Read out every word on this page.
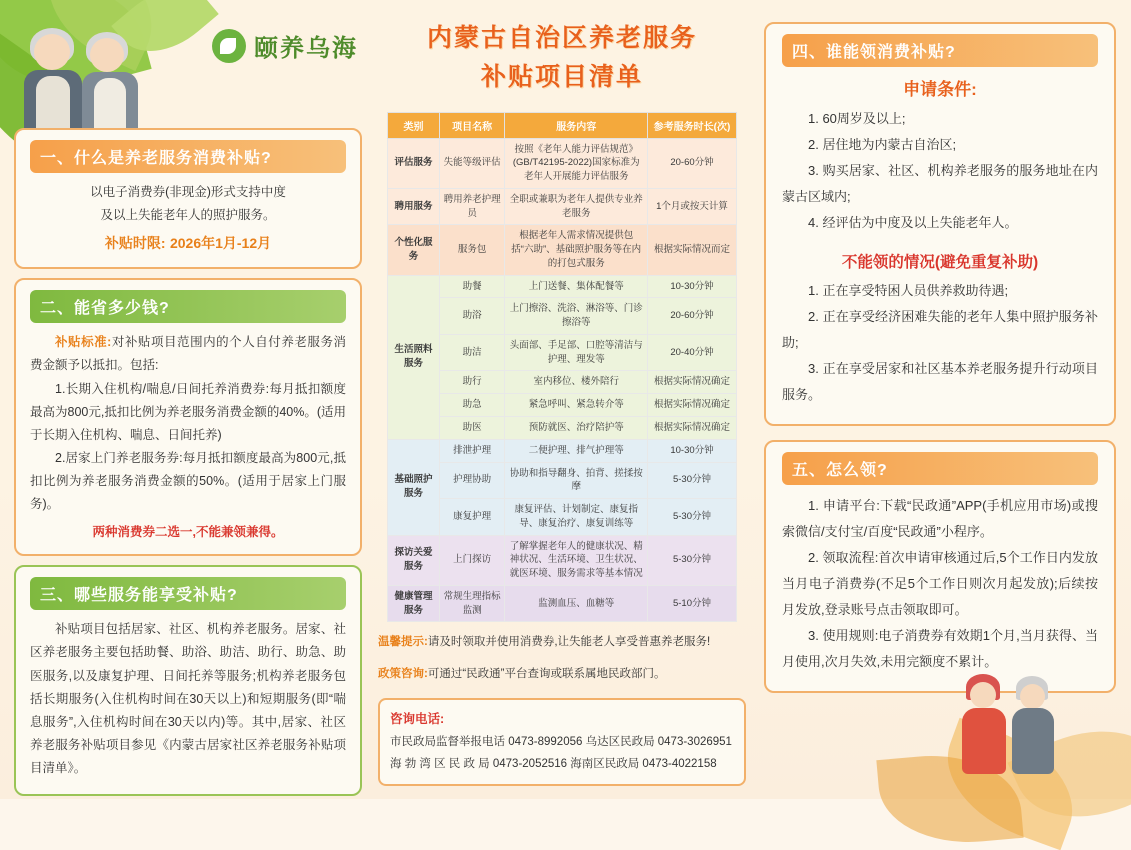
颐养乌海
一、什么是养老服务消费补贴?
以电子消费券(非现金)形式支持中度
及以上失能老年人的照护服务。
补贴时限: 2026年1月-12月
二、能省多少钱?
补贴标准:对补贴项目范围内的个人自付养老服务消费金额予以抵扣。包括:
1.长期入住机构/喘息/日间托养消费券:每月抵扣额度最高为800元,抵扣比例为养老服务消费金额的40%。(适用于长期入住机构、喘息、日间托养)
2.居家上门养老服务券:每月抵扣额度最高为800元,抵扣比例为养老服务消费金额的50%。(适用于居家上门服务)。
两种消费券二选一,不能兼领兼得。
三、哪些服务能享受补贴?
补贴项目包括居家、社区、机构养老服务。居家、社区养老服务主要包括助餐、助浴、助洁、助行、助急、助医服务,以及康复护理、日间托养等服务;机构养老服务包括长期服务(入住机构时间在30天以上)和短期服务(即“喘息服务”,入住机构时间在30天以内)等。其中,居家、社区养老服务补贴项目参见《内蒙古居家社区养老服务补贴项目清单》。
内蒙古自治区养老服务
补贴项目清单
类别	项目名称	服务内容	参考服务时长(次)
评估服务	失能等级评估	按照《老年人能力评估规范》(GB/T42195-2022)国家标准为老年人开展能力评估服务	20-60分钟
聘用服务	聘用养老护理员	全职或兼职为老年人提供专业养老服务	1个月或按天计算
个性化服务	服务包	根据老年人需求情况提供包括“六助”、基础照护服务等在内的打包式服务	根据实际情况而定
生活照料服务	助餐	上门送餐、集体配餐等	10-30分钟
	助浴	上门擦浴、洗浴、淋浴等、门诊擦浴等	20-60分钟
	助洁	头面部、手足部、口腔等清洁与护理、理发等	20-40分钟
	助行	室内移位、楼外陪行	根据实际情况确定
	助急	紧急呼叫、紧急转介等	根据实际情况确定
	助医	预防就医、治疗陪护等	根据实际情况确定
基础照护服务	排泄护理	二便护理、排气护理等	10-30分钟
	护理协助	协助和指导翻身、拍背、搓揉按摩	5-30分钟
	康复护理	康复评估、计划制定、康复指导、康复治疗、康复训练等	5-30分钟
探访关爱服务	上门探访	了解掌握老年人的健康状况、精神状况、生活环境、卫生状况、就医环境、服务需求等基本情况	5-30分钟
健康管理服务	常规生理指标监测	监测血压、血糖等	5-10分钟
温馨提示:请及时领取并使用消费券,让失能老人享受普惠养老服务!
政策咨询:可通过“民政通”平台查询或联系属地民政部门。
咨询电话:
市民政局监督举报电话 0473-8992056 乌达区民政局 0473-3026951
海 勃 湾 区 民 政 局 0473-2052516 海南区民政局 0473-4022158
四、谁能领消费补贴?
申请条件:
1. 60周岁及以上;
2. 居住地为内蒙古自治区;
3. 购买居家、社区、机构养老服务的服务地址在内蒙古区域内;
4. 经评估为中度及以上失能老年人。
不能领的情况(避免重复补助)
1. 正在享受特困人员供养救助待遇;
2. 正在享受经济困难失能的老年人集中照护服务补助;
3. 正在享受居家和社区基本养老服务提升行动项目服务。
五、怎么领?
1. 申请平台:下载“民政通”APP(手机应用市场)或搜索微信/支付宝/百度“民政通”小程序。
2. 领取流程:首次申请审核通过后,5个工作日内发放当月电子消费券(不足5个工作日则次月起发放);后续按月发放,登录账号点击领取即可。
3. 使用规则:电子消费券有效期1个月,当月获得、当月使用,次月失效,未用完额度不累计。
